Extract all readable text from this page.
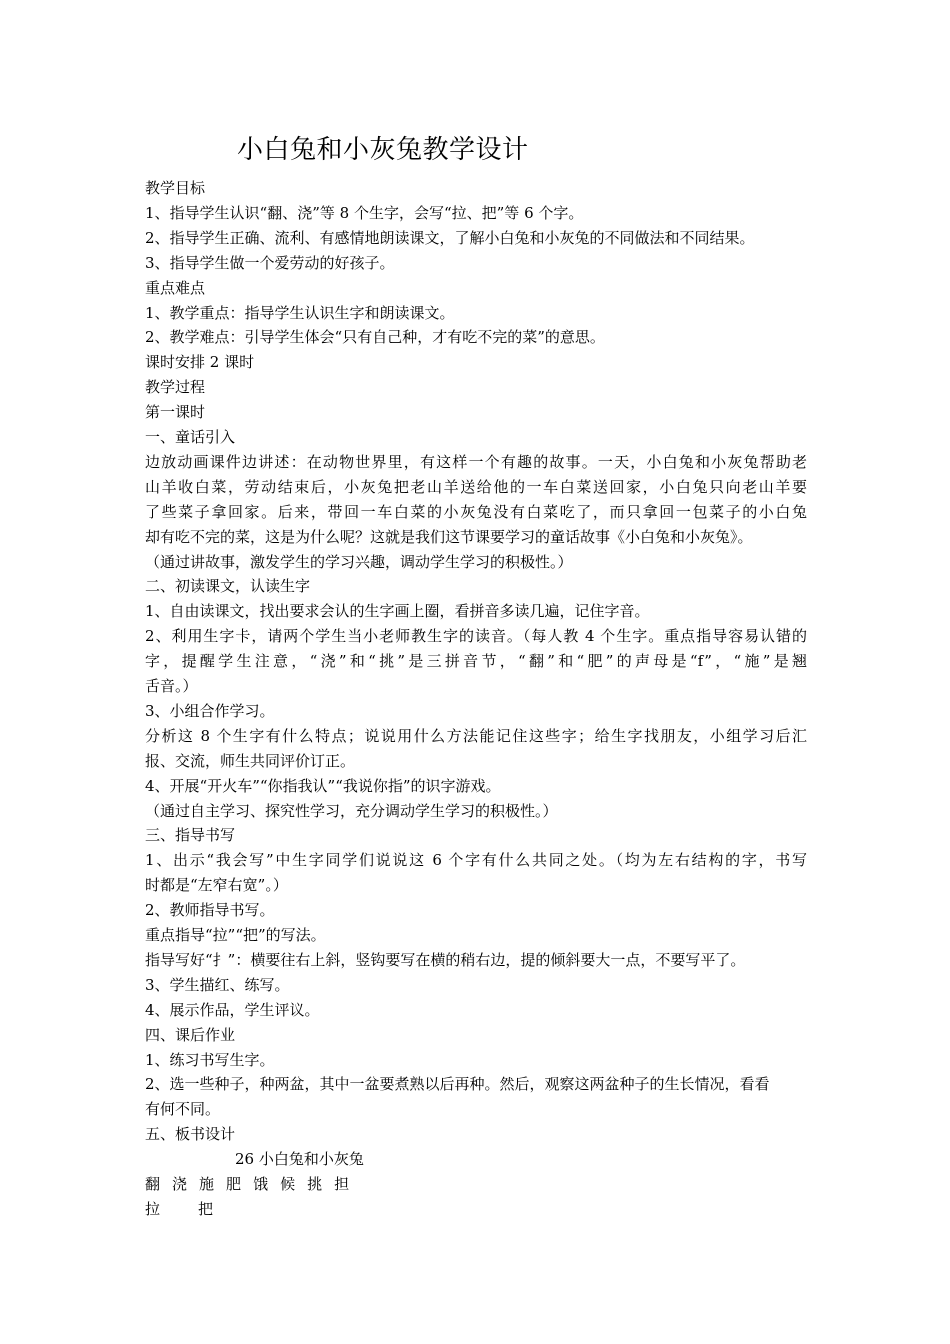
小白兔和小灰兔教学设计
教学目标
1、指导学生认识“翻、浇”等 8 个生字，会写“拉、把”等 6 个字。
2、指导学生正确、流利、有感情地朗读课文，了解小白兔和小灰兔的不同做法和不同结果。
3、指导学生做一个爱劳动的好孩子。
重点难点
1、教学重点：指导学生认识生字和朗读课文。
2、教学难点：引导学生体会“只有自己种，才有吃不完的菜”的意思。
课时安排 2 课时
教学过程
第一课时
一、童话引入
边放动画课件边讲述：在动物世界里，有这样一个有趣的故事。一天，小白兔和小灰兔帮助老
山羊收白菜，劳动结束后，小灰兔把老山羊送给他的一车白菜送回家，小白兔只向老山羊要
了些菜子拿回家。后来，带回一车白菜的小灰兔没有白菜吃了，而只拿回一包菜子的小白兔
却有吃不完的菜，这是为什么呢？这就是我们这节课要学习的童话故事《小白兔和小灰兔》。
（通过讲故事，激发学生的学习兴趣，调动学生学习的积极性。）
二、初读课文，认读生字
1、自由读课文，找出要求会认的生字画上圈，看拼音多读几遍，记住字音。
2、利用生字卡，请两个学生当小老师教生字的读音。（每人教 4 个生字。重点指导容易认错的
字，提醒学生注意，“浇”和“挑”是三拼音节，“翻”和“肥”的声母是“f”，“施”是翘
舌音。）
3、小组合作学习。
分析这 8 个生字有什么特点；说说用什么方法能记住这些字；给生字找朋友，小组学习后汇
报、交流，师生共同评价订正。
4、开展“开火车”“你指我认”“我说你指”的识字游戏。
（通过自主学习、探究性学习，充分调动学生学习的积极性。）
三、指导书写
1、出示“我会写”中生字同学们说说这 6 个字有什么共同之处。（均为左右结构的字，书写
时都是“左窄右宽”。）
2、教师指导书写。
重点指导“拉”“把”的写法。
指导写好“扌”：横要往右上斜，竖钩要写在横的稍右边，提的倾斜要大一点，不要写平了。
3、学生描红、练写。
4、展示作品，学生评议。
四、课后作业
1、练习书写生字。
2、选一些种子，种两盆，其中一盆要煮熟以后再种。然后，观察这两盆种子的生长情况，看看
有何不同。
五、板书设计
26 小白兔和小灰兔
翻 浇 施 肥 饿 候 挑 担
拉	把
